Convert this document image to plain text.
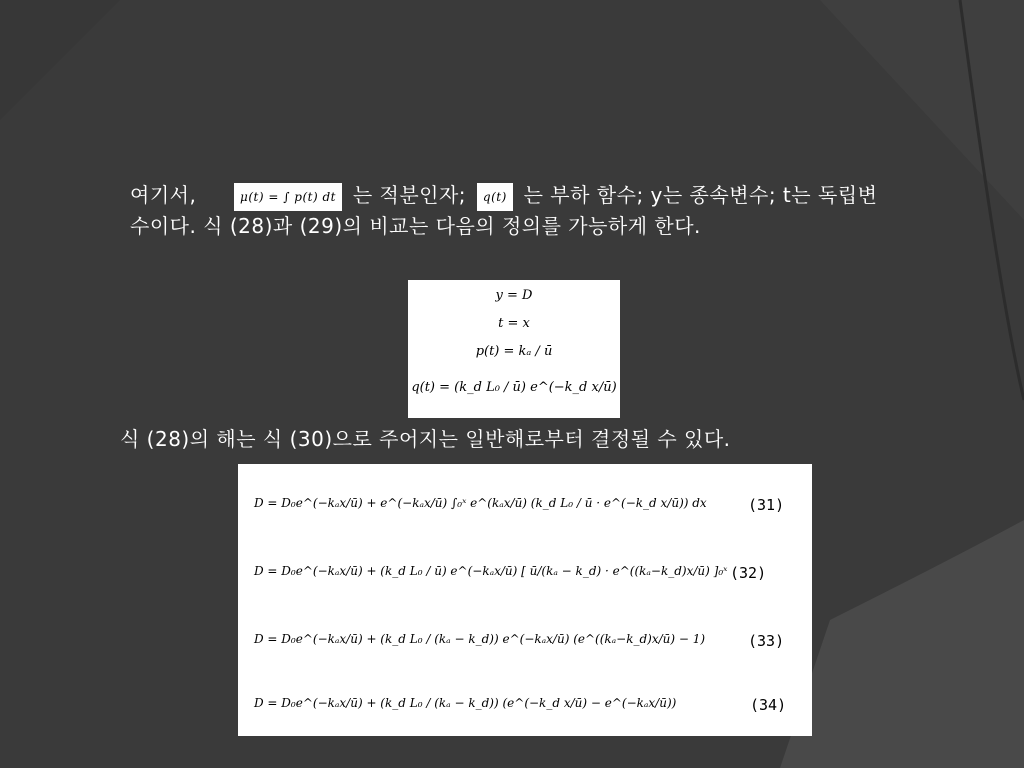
여기서,	μ(t) = ∫ p(t) dt 는 적분인자; q(t) 는 부하 함수; y는 종속변수; t는 독립변수이다. 식 (28)과 (29)의 비교는 다음의 정의를 가능하게 한다.
y = D
t = x
p(t) = kₐ / ū
q(t) = (k_d L₀ / ū) e^(−k_d x/ū)
식 (28)의 해는 식 (30)으로 주어지는 일반해로부터 결정될 수 있다.
D = D₀e^(−kₐx/ū) + e^(−kₐx/ū) ∫₀ˣ e^(kₐx/ū) (k_d L₀ / ū · e^(−k_d x/ū)) dx	(31)
D = D₀e^(−kₐx/ū) + (k_d L₀ / ū) e^(−kₐx/ū) [ ū/(kₐ − k_d) · e^((kₐ−k_d)x/ū) ]₀ˣ (32)
D = D₀e^(−kₐx/ū) + (k_d L₀ / (kₐ − k_d)) e^(−kₐx/ū) (e^((kₐ−k_d)x/ū) − 1)	(33)
D = D₀e^(−kₐx/ū) + (k_d L₀ / (kₐ − k_d)) (e^(−k_d x/ū) − e^(−kₐx/ū))	(34)
